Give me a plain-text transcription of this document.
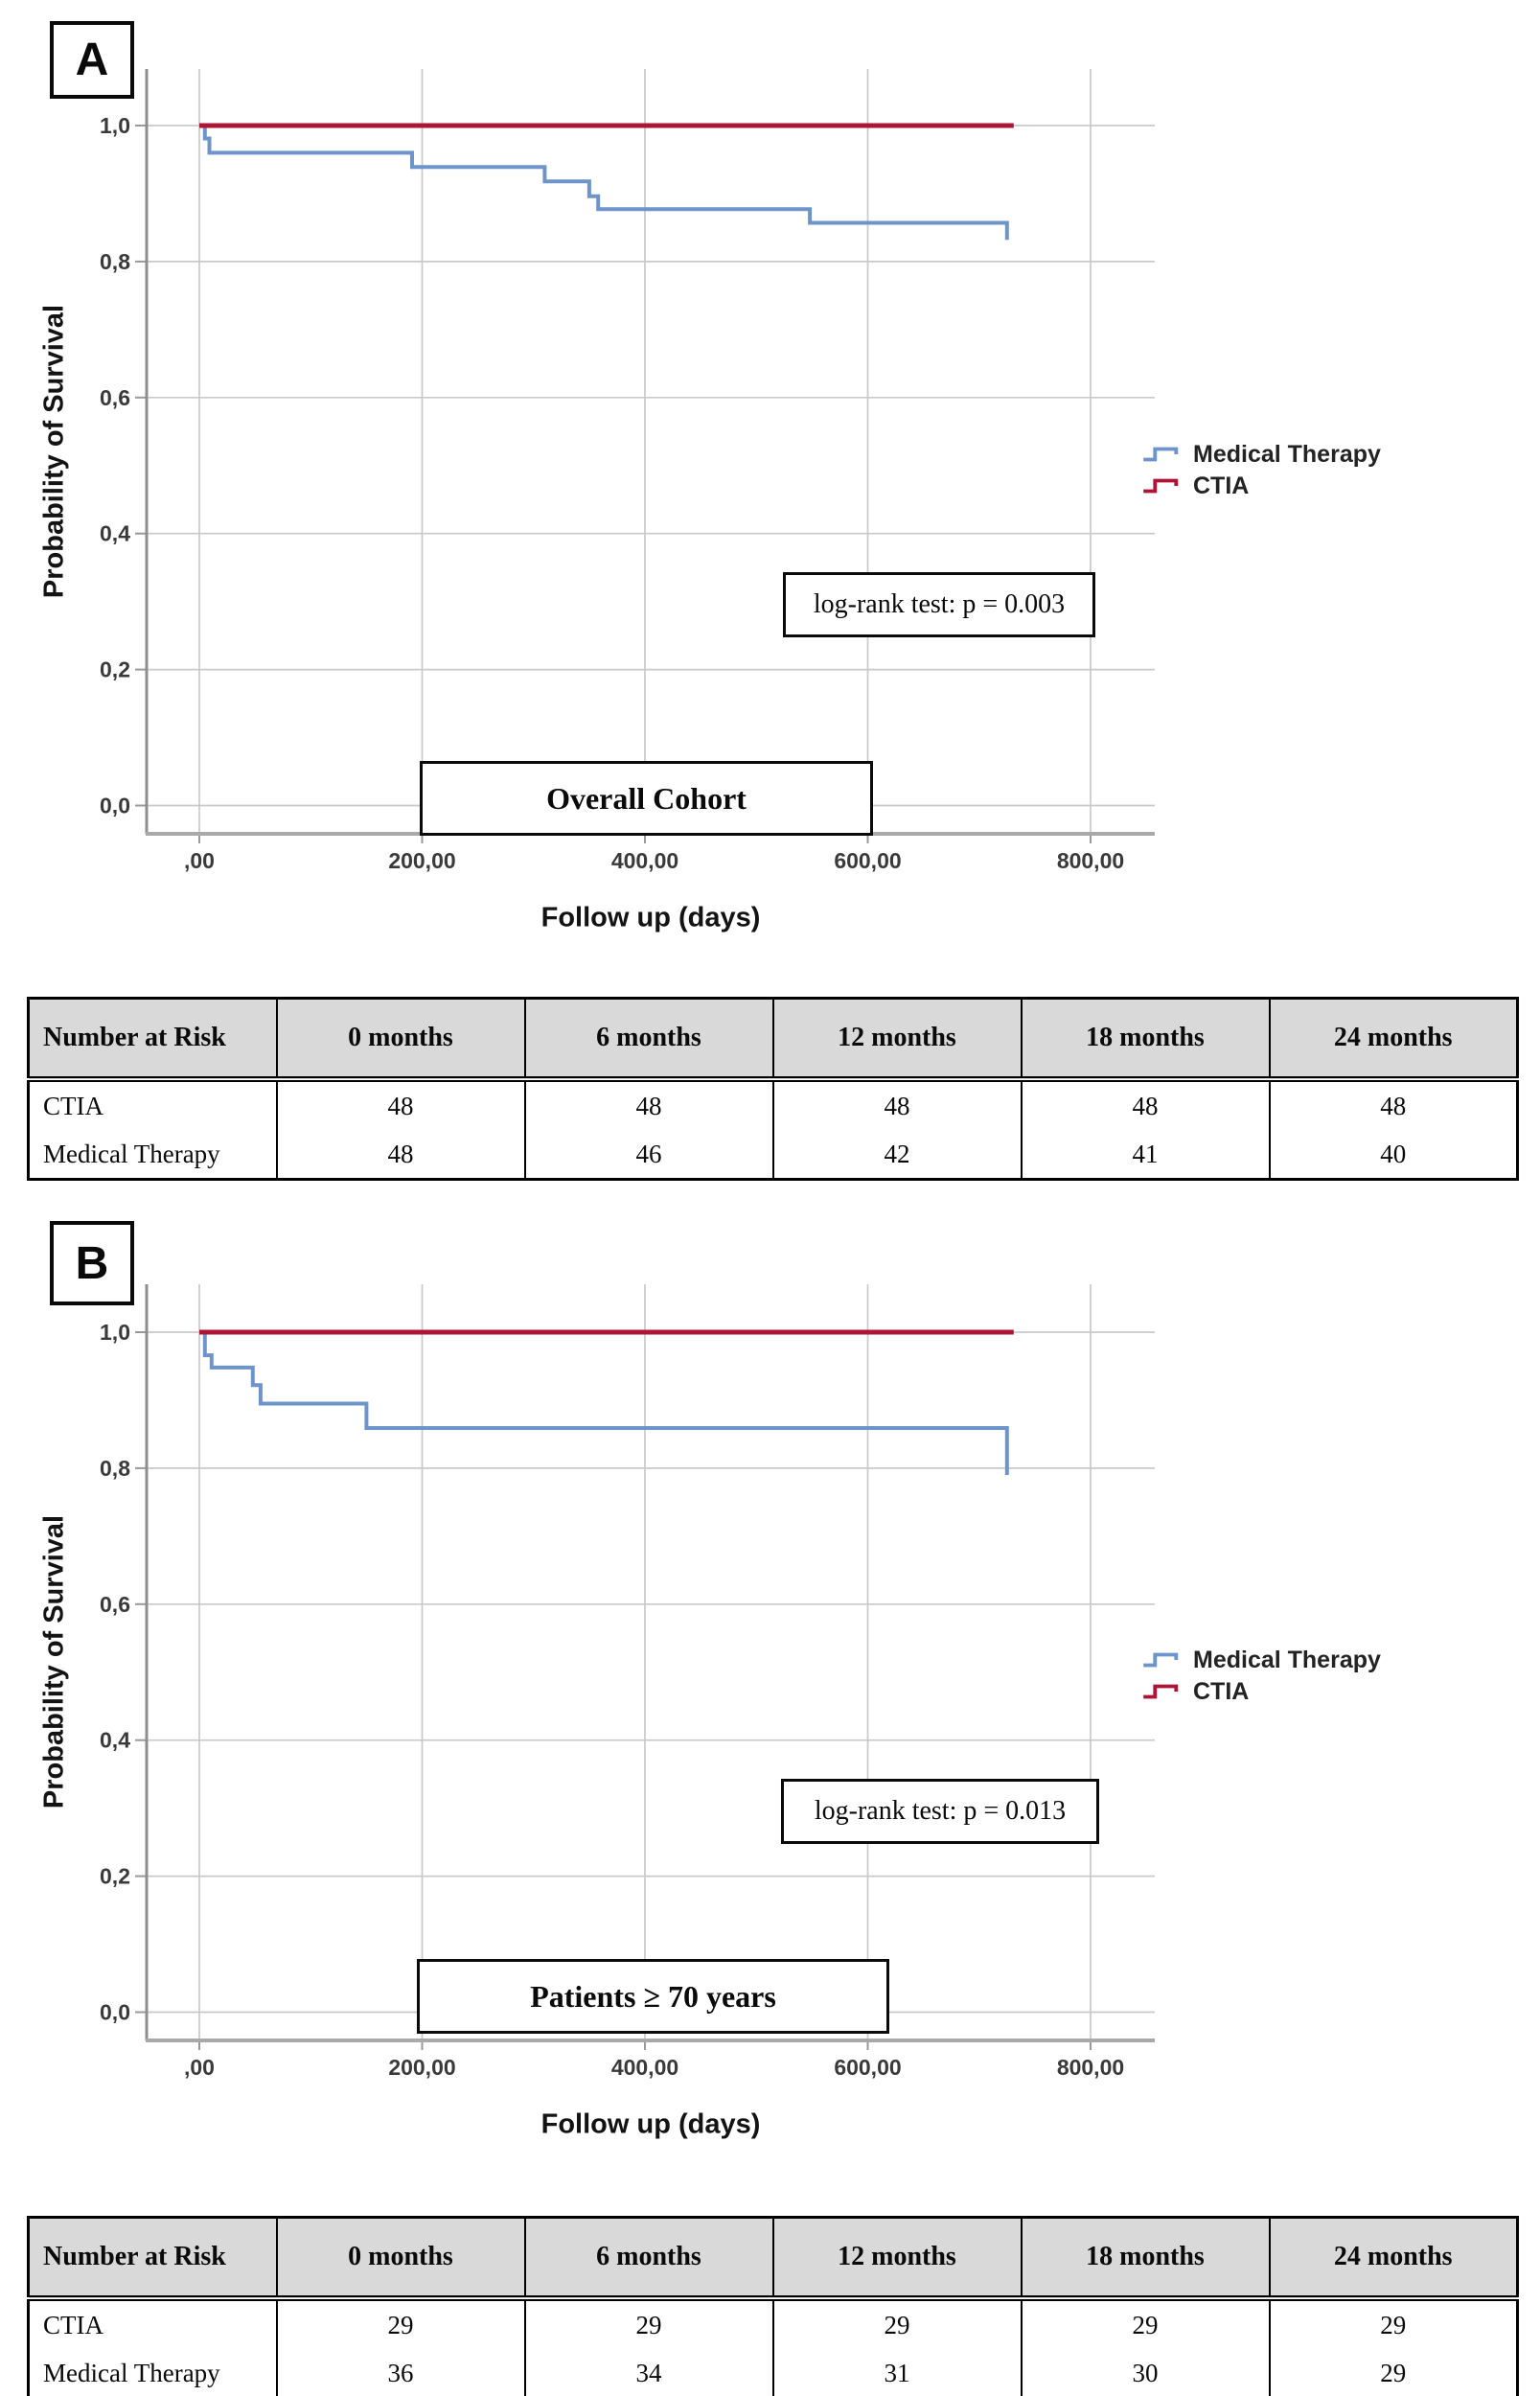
0,0
0,2
0,4
0,6
0,8
1,0
,00	200,00	400,00	600,00	800,00
0,0
0,2
0,4
0,6
0,8
1,0
,00	200,00	400,00	600,00	800,00
A
Probability of Survival
Follow up (days)
Medical Therapy
CTIA
log-rank test: p = 0.003
Overall Cohort
Number at Risk	0 months	6 months	12 months	18 months	24 months
CTIA	48	48	48	48	48
Medical Therapy	48	46	42	41	40
B
Probability of Survival
Follow up (days)
Medical Therapy
CTIA
log-rank test: p = 0.013
Patients ≥ 70 years
Number at Risk	0 months	6 months	12 months	18 months	24 months
CTIA	29	29	29	29	29
Medical Therapy	36	34	31	30	29
